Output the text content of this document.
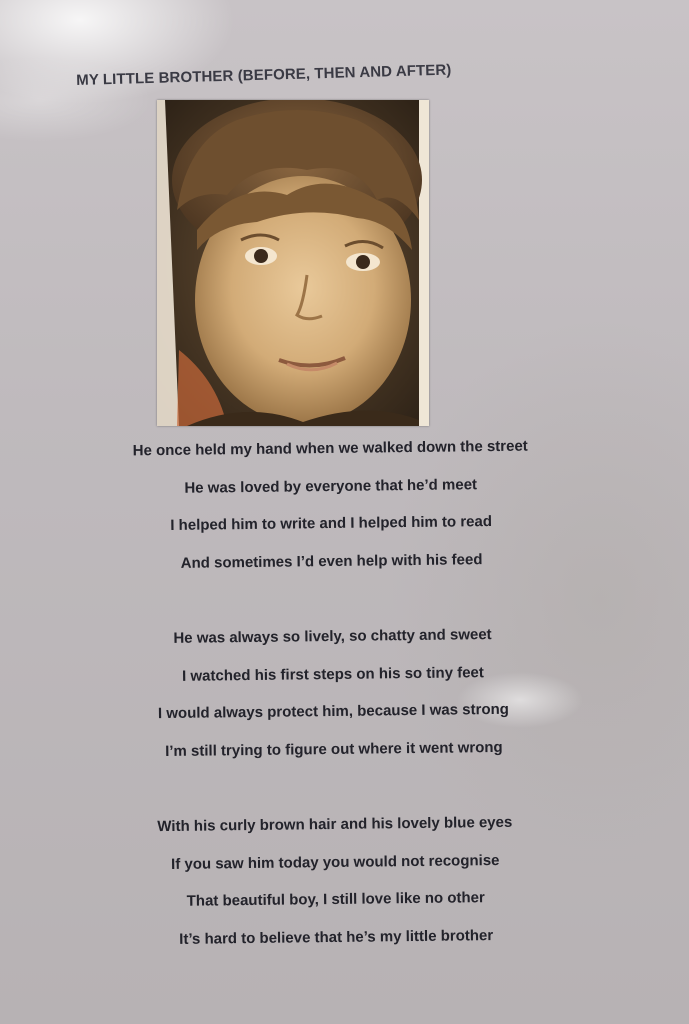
MY LITTLE BROTHER (BEFORE, THEN AND AFTER)
He once held my hand when we walked down the street
He was loved by everyone that he’d meet
I helped him to write and I helped him to read
And sometimes I’d even help with his feed
He was always so lively, so chatty and sweet
I watched his first steps on his so tiny feet
I would always protect him, because I was strong
I’m still trying to figure out where it went wrong
With his curly brown hair and his lovely blue eyes
If you saw him today you would not recognise
That beautiful boy, I still love like no other
It’s hard to believe that he’s my little brother
